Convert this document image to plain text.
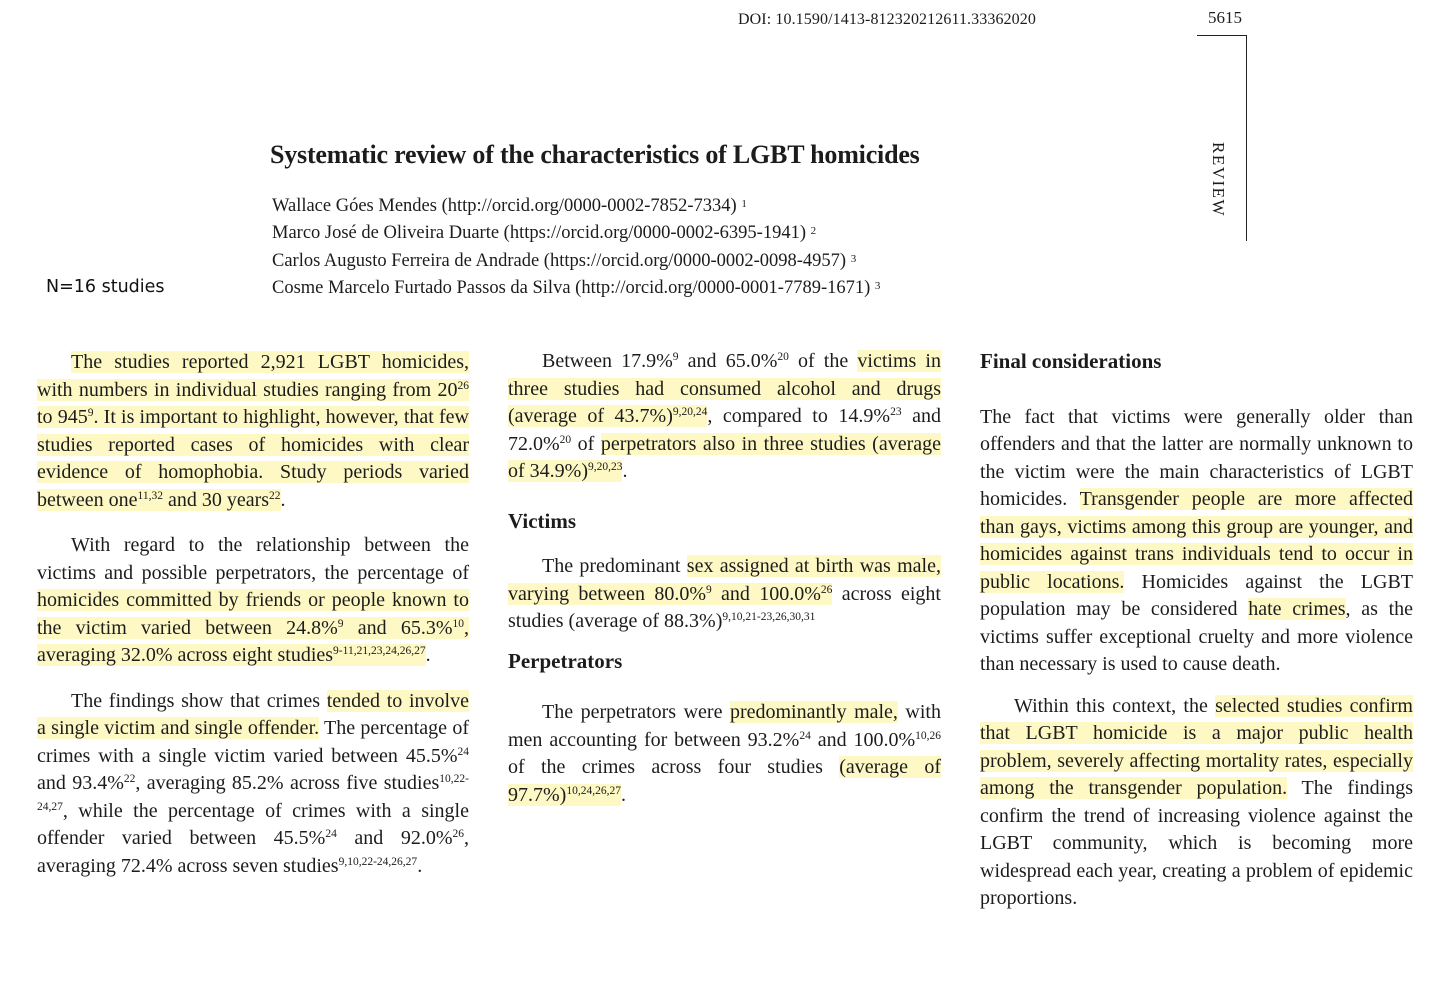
DOI: 10.1590/1413-812320212611.33362020	5615
REVIEW
Systematic review of the characteristics of LGBT homicides
Wallace Góes Mendes (http://orcid.org/0000-0002-7852-7334) $^1$
Marco José de Oliveira Duarte (https://orcid.org/0000-0002-6395-1941) $^2$
Carlos Augusto Ferreira de Andrade (https://orcid.org/0000-0002-0098-4957) $^3$
Cosme Marcelo Furtado Passos da Silva (http://orcid.org/0000-0001-7789-1671) $^3$
N=16 studies

The studies reported 2,921 LGBT homicides, with numbers in individual studies ranging from $20^{26}$ to $945^9$. It is important to highlight, however, that few studies reported cases of homicides with clear evidence of homophobia. Study periods varied between one$^{11,32}$ and 30 years$^{22}$.

With regard to the relationship between the victims and possible perpetrators, the percentage of homicides committed by friends or people known to the victim varied between 24.8%$^9$ and 65.3%$^{10}$, averaging 32.0% across eight studies$^{9-11,21,23,24,26,27}$.

The findings show that crimes tended to involve a single victim and single offender. The percentage of crimes with a single victim varied between 45.5%$^{24}$ and 93.4%$^{22}$, averaging 85.2% across five studies$^{10,22-24,27}$, while the percentage of crimes with a single offender varied between 45.5%$^{24}$ and 92.0%$^{26}$, averaging 72.4% across seven studies$^{9,10,22-24,26,27}$.

Between 17.9%$^9$ and 65.0%$^{20}$ of the victims in three studies had consumed alcohol and drugs (average of 43.7%)$^{9,20,24}$, compared to 14.9%$^{23}$ and 72.0%$^{20}$ of perpetrators also in three studies (average of 34.9%)$^{9,20,23}$.

Victims

The predominant sex assigned at birth was male, varying between 80.0%$^9$ and 100.0%$^{26}$ across eight studies (average of 88.3%)$^{9,10,21-23,26,30,31}$

Perpetrators

The perpetrators were predominantly male, with men accounting for between 93.2%$^{24}$ and 100.0%$^{10,26}$ of the crimes across four studies (average of 97.7%)$^{10,24,26,27}$.

Final considerations

The fact that victims were generally older than offenders and that the latter are normally unknown to the victim were the main characteristics of LGBT homicides. Transgender people are more affected than gays, victims among this group are younger, and homicides against trans individuals tend to occur in public locations. Homicides against the LGBT population may be considered hate crimes, as the victims suffer exceptional cruelty and more violence than necessary is used to cause death.

Within this context, the selected studies confirm that LGBT homicide is a major public health problem, severely affecting mortality rates, especially among the transgender population. The findings confirm the trend of increasing violence against the LGBT community, which is becoming more widespread each year, creating a problem of epidemic proportions.
